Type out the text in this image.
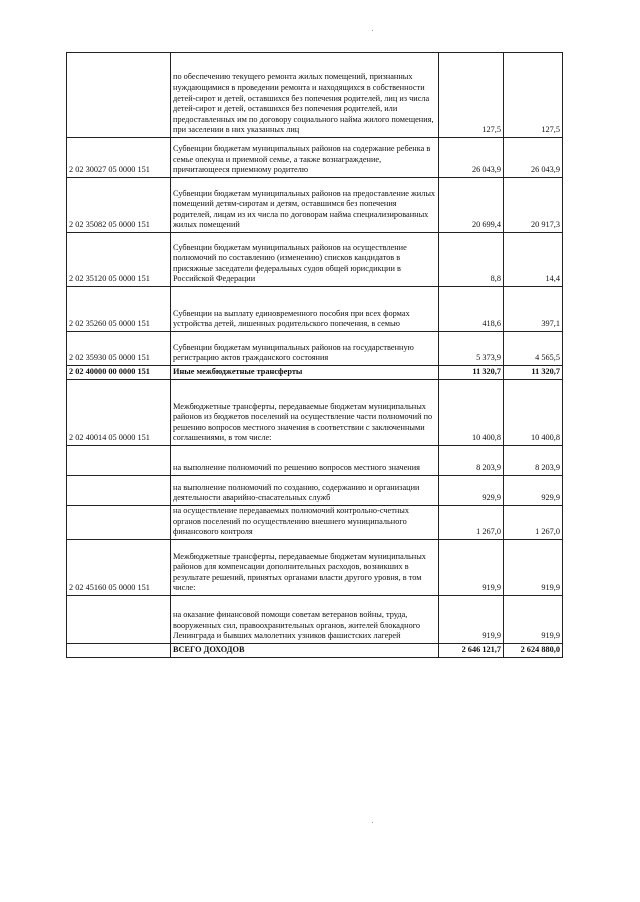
	по обеспечению текущего ремонта жилых помещений, признанных нуждающимися в проведении ремонта и находящихся в собственности детей-сирот и детей, оставшихся без попечения родителей, лиц из числа детей-сирот и детей, оставшихся без попечения родителей, или предоставленных им по договору социального найма жилого помещения, при заселении в них указанных лиц	127,5	127,5
2 02 30027 05 0000 151	Субвенции бюджетам муниципальных районов на содержание ребенка в семье опекуна и приемной семье, а также вознаграждение, причитающееся приемному родителю	26 043,9	26 043,9
2 02 35082 05 0000 151	Субвенции бюджетам муниципальных районов на предоставление жилых помещений детям-сиротам и детям, оставшимся без попечения родителей, лицам из их числа по договорам найма специализированных жилых помещений	20 699,4	20 917,3
2 02 35120 05 0000 151	Субвенции бюджетам муниципальных районов на осуществление полномочий по составлению (изменению) списков кандидатов в присяжные заседатели федеральных судов общей юрисдикции в Российской Федерации	8,8	14,4
2 02 35260 05 0000 151	Субвенции на выплату единовременного пособия при всех формах устройства детей, лишенных родительского попечения, в семью	418,6	397,1
2 02 35930 05 0000 151	Субвенции бюджетам муниципальных районов на государственную регистрацию актов гражданского состояния	5 373,9	4 565,5
2 02 40000 00 0000 151	Иные межбюджетные трансферты	11 320,7	11 320,7
2 02 40014 05 0000 151	Межбюджетные трансферты, передаваемые бюджетам муниципальных районов из бюджетов поселений на осуществление части полномочий по решению вопросов местного значения в соответствии с заключенными соглашениями, в том числе:	10 400,8	10 400,8
	на выполнение полномочий по решению вопросов местного значения	8 203,9	8 203,9
	на выполнение полномочий по созданию, содержанию и организации деятельности аварийно-спасательных служб	929,9	929,9
	на осуществление передаваемых полномочий контрольно-счетных органов поселений по осуществлению внешнего муниципального финансового контроля	1 267,0	1 267,0
2 02 45160 05 0000 151	Межбюджетные трансферты, передаваемые бюджетам муниципальных районов для компенсации дополнительных расходов, возникших в результате решений, принятых органами власти другого уровня, в том числе:	919,9	919,9
	на оказание финансовой помощи советам ветеранов войны, труда, вооруженных сил, правоохранительных органов, жителей блокадного Ленинграда и бывших малолетних узников фашистских лагерей	919,9	919,9
	ВСЕГО ДОХОДОВ	2 646 121,7	2 624 880,0
